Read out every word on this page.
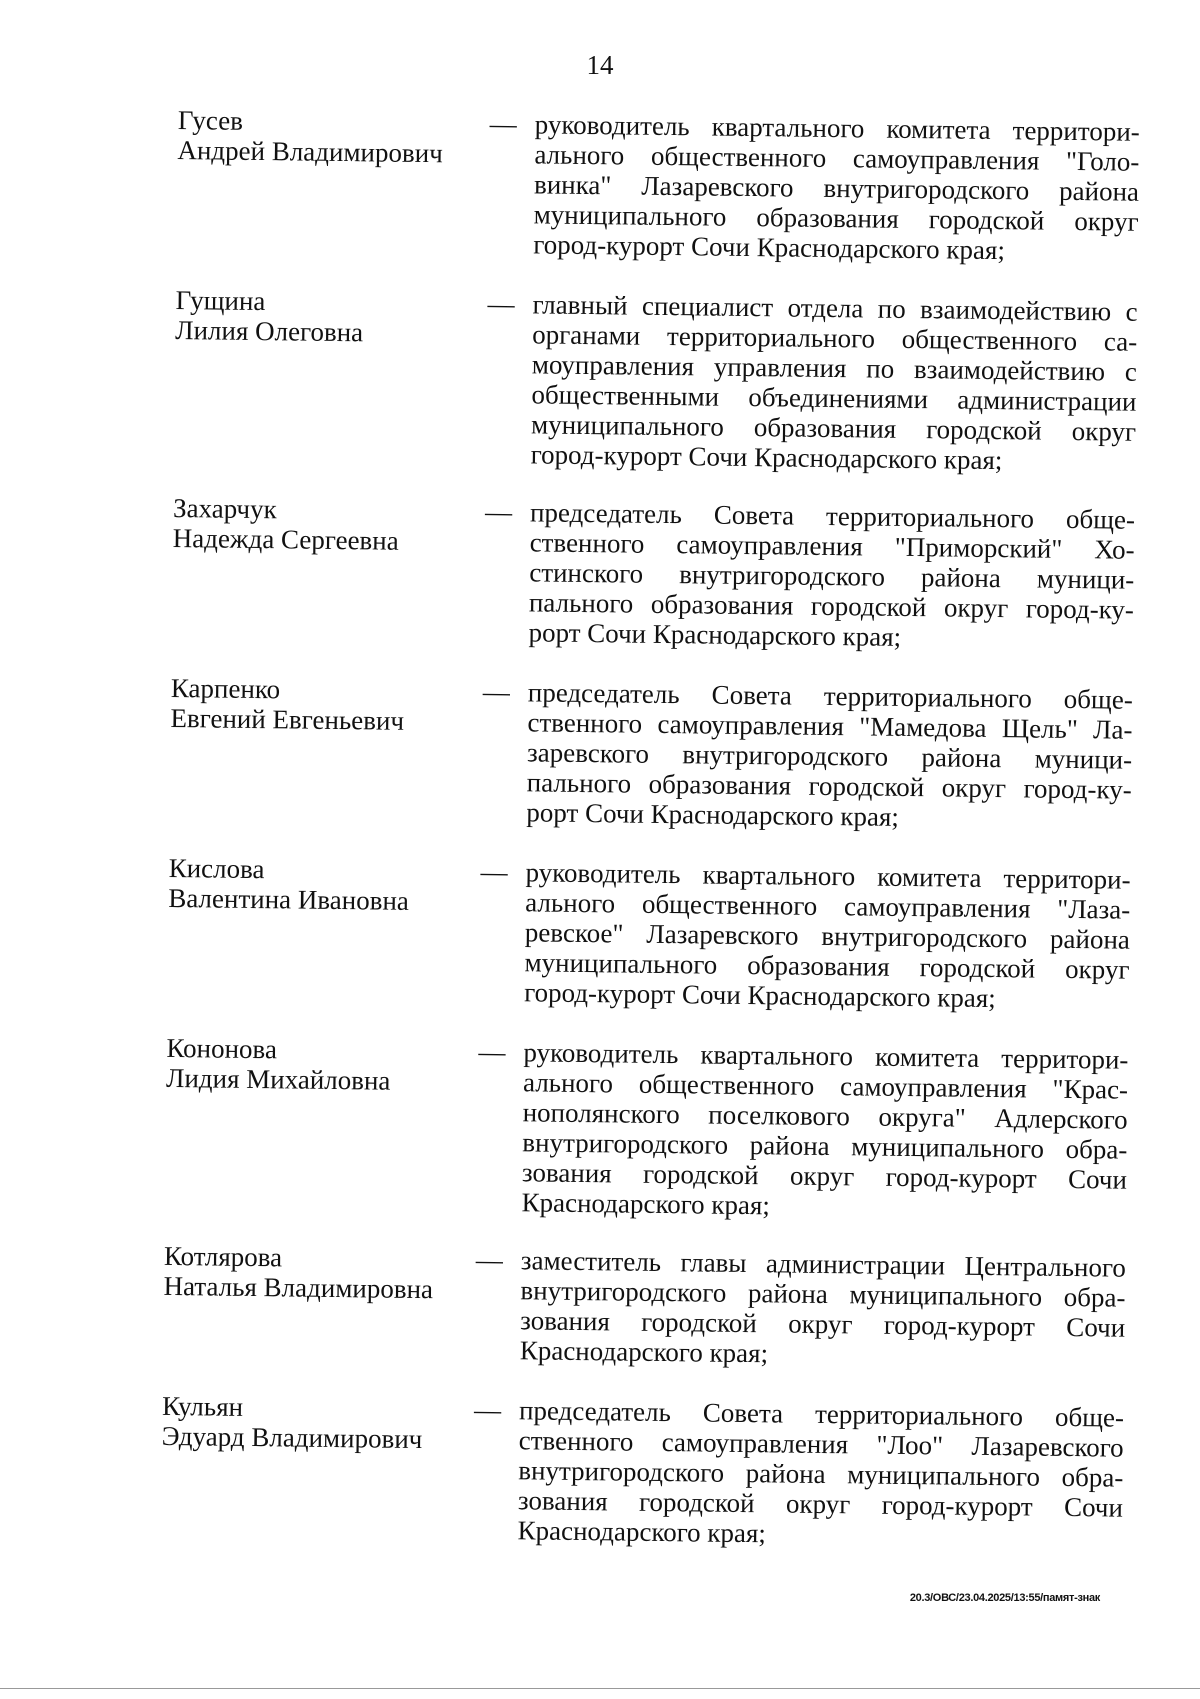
14
Гусев
Андрей Владимирович
— руководитель квартального комитета территори-
ального общественного самоуправления "Голо-
винка" Лазаревского внутригородского района
муниципального образования городской округ
город-курорт Сочи Краснодарского края;
Гущина
Лилия Олеговна
— главный специалист отдела по взаимодействию с
органами территориального общественного са-
моуправления управления по взаимодействию с
общественными объединениями администрации
муниципального образования городской округ
город-курорт Сочи Краснодарского края;
Захарчук
Надежда Сергеевна
— председатель Совета территориального обще-
ственного самоуправления "Приморский" Хо-
стинского внутригородского района муници-
пального образования городской округ город-ку-
рорт Сочи Краснодарского края;
Карпенко
Евгений Евгеньевич
— председатель Совета территориального обще-
ственного самоуправления "Мамедова Щель" Ла-
заревского внутригородского района муници-
пального образования городской округ город-ку-
рорт Сочи Краснодарского края;
Кислова
Валентина Ивановна
— руководитель квартального комитета территори-
ального общественного самоуправления "Лаза-
ревское" Лазаревского внутригородского района
муниципального образования городской округ
город-курорт Сочи Краснодарского края;
Кононова
Лидия Михайловна
— руководитель квартального комитета территори-
ального общественного самоуправления "Крас-
нополянского поселкового округа" Адлерского
внутригородского района муниципального обра-
зования городской округ город-курорт Сочи
Краснодарского края;
Котлярова
Наталья Владимировна
— заместитель главы администрации Центрального
внутригородского района муниципального обра-
зования городской округ город-курорт Сочи
Краснодарского края;
Кульян
Эдуард Владимирович
— председатель Совета территориального обще-
ственного самоуправления "Лоо" Лазаревского
внутригородского района муниципального обра-
зования городской округ город-курорт Сочи
Краснодарского края;
20.3/ОВС/23.04.2025/13:55/памят-знак
